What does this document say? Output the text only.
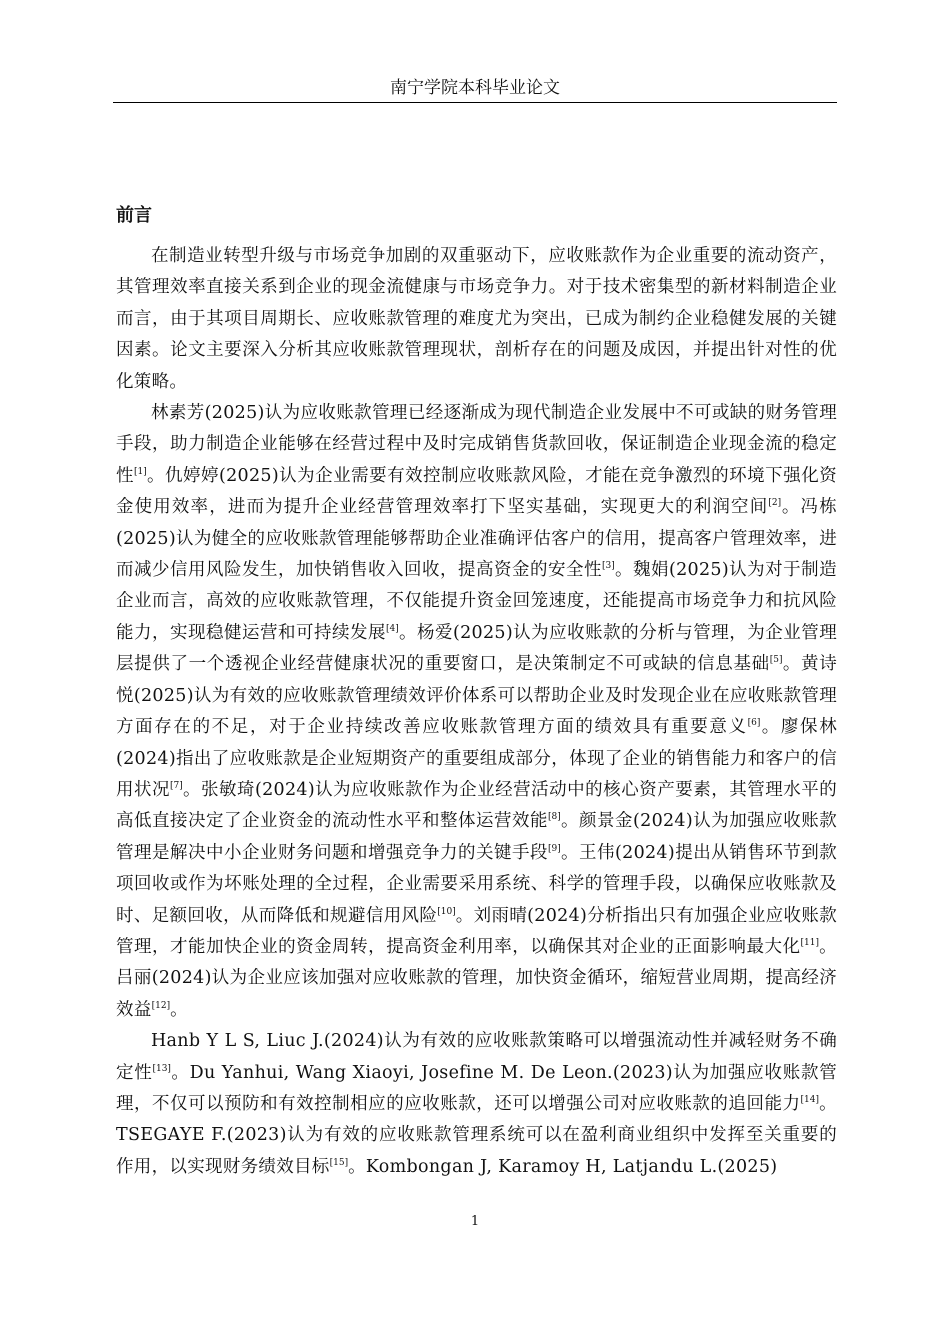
南宁学院本科毕业论文
前言

在制造业转型升级与市场竞争加剧的双重驱动下，应收账款作为企业重要的流动资产，其管理效率直接关系到企业的现金流健康与市场竞争力。对于技术密集型的新材料制造企业而言，由于其项目周期长、应收账款管理的难度尤为突出，已成为制约企业稳健发展的关键因素。论文主要深入分析其应收账款管理现状，剖析存在的问题及成因，并提出针对性的优化策略。

林素芳(2025)认为应收账款管理已经逐渐成为现代制造企业发展中不可或缺的财务管理手段，助力制造企业能够在经营过程中及时完成销售货款回收，保证制造企业现金流的稳定性[1]。仇婷婷(2025)认为企业需要有效控制应收账款风险，才能在竞争激烈的环境下强化资金使用效率，进而为提升企业经营管理效率打下坚实基础，实现更大的利润空间[2]。冯栋(2025)认为健全的应收账款管理能够帮助企业准确评估客户的信用，提高客户管理效率，进而减少信用风险发生，加快销售收入回收，提高资金的安全性[3]。魏娟(2025)认为对于制造企业而言，高效的应收账款管理，不仅能提升资金回笼速度，还能提高市场竞争力和抗风险能力，实现稳健运营和可持续发展[4]。杨爱(2025)认为应收账款的分析与管理，为企业管理层提供了一个透视企业经营健康状况的重要窗口，是决策制定不可或缺的信息基础[5]。黄诗悦(2025)认为有效的应收账款管理绩效评价体系可以帮助企业及时发现企业在应收账款管理方面存在的不足，对于企业持续改善应收账款管理方面的绩效具有重要意义[6]。廖保林(2024)指出了应收账款是企业短期资产的重要组成部分，体现了企业的销售能力和客户的信用状况[7]。张敏琦(2024)认为应收账款作为企业经营活动中的核心资产要素，其管理水平的高低直接决定了企业资金的流动性水平和整体运营效能[8]。颜景金(2024)认为加强应收账款管理是解决中小企业财务问题和增强竞争力的关键手段[9]。王伟(2024)提出从销售环节到款项回收或作为坏账处理的全过程，企业需要采用系统、科学的管理手段，以确保应收账款及时、足额回收，从而降低和规避信用风险[10]。刘雨晴(2024)分析指出只有加强企业应收账款管理，才能加快企业的资金周转，提高资金利用率，以确保其对企业的正面影响最大化[11]。吕丽(2024)认为企业应该加强对应收账款的管理，加快资金循环，缩短营业周期，提高经济效益[12]。

Hanb Y L S, Liuc J.(2024)认为有效的应收账款策略可以增强流动性并减轻财务不确定性[13]。Du Yanhui, Wang Xiaoyi, Josefine M. De Leon.(2023)认为加强应收账款管理，不仅可以预防和有效控制相应的应收账款，还可以增强公司对应收账款的追回能力[14]。TSEGAYE F.(2023)认为有效的应收账款管理系统可以在盈利商业组织中发挥至关重要的作用，以实现财务绩效目标[15]。Kombongan J, Karamoy H, Latjandu L.(2025)

1
